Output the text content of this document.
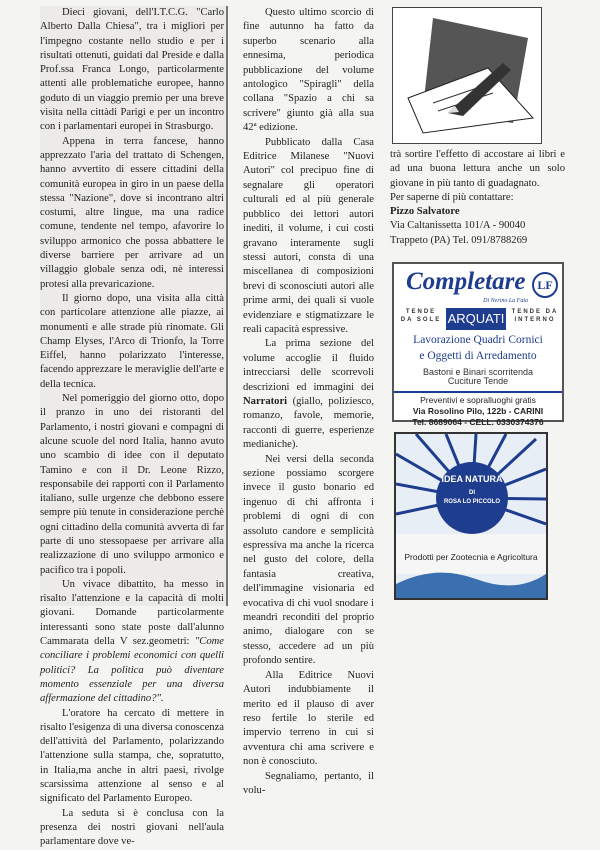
Dieci giovani, dell'I.T.C.G. "Carlo Alberto Dalla Chiesa", tra i migliori per l'impegno costante nello studio e per i risultati ottenuti, guidati dal Preside e dalla Prof.ssa Franca Longo, particolarmente attenti alle problematiche europee, hanno goduto di un viaggio premio per una breve visita nella cittàdi Parigi e per un incontro con i parlamentari europei in Strasburgo.

Appena in terra fancese, hanno apprezzato l'aria del trattato di Schengen, hanno avvertito di essere cittadini della comunità europea in giro in un paese della stessa "Nazione", dove si incontrano altri costumi, altre lingue, ma una radice comune, tendente nel tempo, afavorire lo sviluppo armonico che possa abbattere le diverse barriere per arrivare ad un villaggio globale senza odi, nè interessi protesi alla prevaricazione.

Il giorno dopo, una visita alla città con particolare attenzione alle piazze, ai monumenti e alle strade più rinomate. Gli Champ Elyses, l'Arco di Trionfo, la Torre Eiffel, hanno polarizzato l'interesse, facendo apprezzare le meraviglie dell'arte e della tecnica.

Nel pomeriggio del giorno otto, dopo il pranzo in uno dei ristoranti del Parlamento, i nostri giovani e compagni di alcune scuole del nord Italia, hanno avuto uno scambio di idee con il deputato Tamino e con il Dr. Leone Rizzo, responsabile dei rapporti con il Parlamento italiano, sulle urgenze che debbono essere sempre più tenute in considerazione perchè ogni cittadino della comunità avverta di far parte di uno stessopaese per arrivare alla realizzazione di uno sviluppo armonico e pacifico tra i popoli.

Un vivace dibattito, ha messo in risalto l'attenzione e la capacità di molti giovani. Domande particolarmente interessanti sono state poste dall'alunno Cammarata della V sez.geometri: "Come conciliare i problemi economici con quelli politici? La politica può diventare momento essenziale per una diversa affermazione del cittadino?".

L'oratore ha cercato di mettere in risalto l'esigenza di una diversa conoscenza dell'attività del Parlamento, polarizzando l'attenzione sulla stampa, che, sopratutto, in Italia,ma anche in altri paesi, rivolge scarsissima attenzione al senso e al significato del Parlamento Europeo.

La seduta si è conclusa con la presenza dei nostri giovani nell'aula parlamentare dove ve-

Questo ultimo scorcio di fine autunno ha fatto da superbo scenario alla ennesima, periodica pubblicazione del volume antologico "Spiragli" della collana "Spazio a chi sa scrivere" giunto già alla sua 42ª edizione.

Pubblicato dalla Casa Editrice Milanese "Nuovi Autori" col precipuo fine di segnalare gli operatori culturali ed al più generale pubblico dei lettori autori inediti, il volume, i cui costi gravano interamente sugli stessi autori, consta di una miscellanea di composizioni brevi di sconosciuti autori alle prime armi, dei quali si vuole evidenziare e stigmatizzare le reali capacità espressive.

La prima sezione del volume accoglie il fluido intrecciarsi delle scorrevoli descrizioni ed immagini dei Narratori (giallo, poliziesco, romanzo, favole, memorie, racconti di guerre, esperienze medianiche).

Nei versi della seconda sezione possiamo scorgere invece il gusto bonario ed ingenuo di chi affronta i problemi di ogni di con assoluto candore e semplicità espressiva ma anche la ricerca nel gusto del colore, della fantasia creativa, dell'immagine visionaria ed evocativa di chi vuol snodare i meandri reconditi del proprio animo, dialogare con se stesso, accedere ad un più profondo sentire.

Alla Editrice Nuovi Autori indubbiamente il merito ed il plauso di aver reso fertile lo sterile ed impervio terreno in cui si avventura chi ama scrivere e non è conosciuto.

Segnaliamo, pertanto, il volu-

trà sortire l'effetto di accostare ai libri e ad una buona lettura anche un solo giovane in più tanto di guadagnato.

Per saperne di più contattare:

Pizzo Salvatore

Via Caltanissetta 101/A - 90040

Trappeto (PA) Tel. 091/8788269

Completare LF
Di Nerino La Fata
TENDE DA SOLE ARQUATI TENDE DA INTERNO
Lavorazione Quadri Cornici
e Oggetti di Arredamento
Bastoni e Binari scorritenda
Cuciture Tende
Preventivi e sopralluoghi gratis
Via Rosolino Pilo, 122b - CARINI
Tel. 8689064 - CELL. 0330374376
IDEA NATURA
DI
ROSA LO PICCOLO
Prodotti per Zootecnia e Agricoltura
